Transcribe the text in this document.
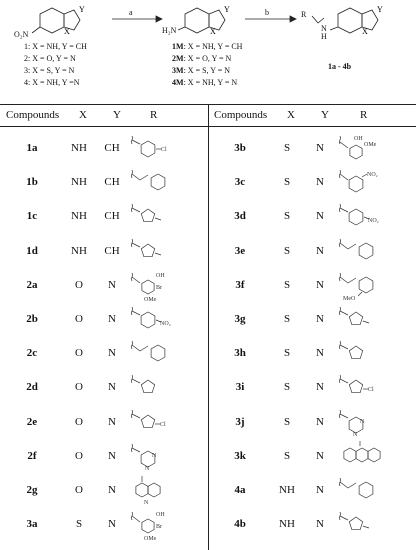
Y
X
Y
X
Y
X
O₂N
a
H₂N
b	R
N
H
1: X = NH, Y = CH
2: X = O, Y = N
3: X = S, Y = N
4: X = NH, Y =N
1M: X = NH, Y = CH
2M: X = O, Y = N
3M: X = S, Y = N
4M: X = NH, Y = N
1a - 4b
Compounds X Y	R	Compounds X Y	R
1a	NH	CH	Cl
1b	NH	CH
1c	NH	CH
1d	NH	CH
2a	O	N
OH
Br
OMe
2b	O	N	NO₂
2c	O	N
2d	O	N
2e	O	N	Cl
2f	O	N	N
N
2g	O	N
N
3a	S	N
OH
Br
OMe
3b	S	N
OH
OMe
3c	S	N
NO₂
3d	S	N	NO₂
3e	S	N
3f	S	N
MeO
3g	S	N
3h	S	N
3i	S	N	Cl
3j	S	N	N
N
3k	S	N
4a	NH	N
4b	NH	N
